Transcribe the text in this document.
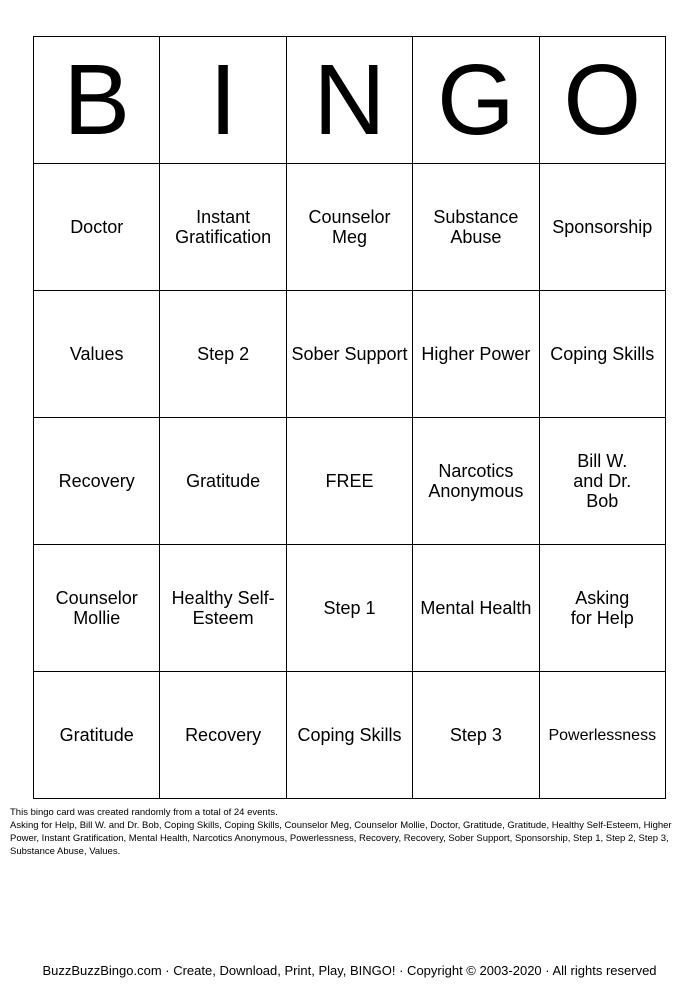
B	I	N	G	O
Doctor	Instant Gratification	Counselor Meg	Substance Abuse	Sponsorship
Values	Step 2	Sober Support	Higher Power	Coping Skills
Recovery	Gratitude	FREE	Narcotics Anonymous	Bill W. and Dr. Bob
Counselor Mollie	Healthy Self-Esteem	Step 1	Mental Health	Asking for Help
Gratitude	Recovery	Coping Skills	Step 3	Powerlessness

This bingo card was created randomly from a total of 24 events.

Asking for Help, Bill W. and Dr. Bob, Coping Skills, Coping Skills, Counselor Meg, Counselor Mollie, Doctor, Gratitude, Gratitude, Healthy Self-Esteem, Higher Power, Instant Gratification, Mental Health, Narcotics Anonymous, Powerlessness, Recovery, Recovery, Sober Support, Sponsorship, Step 1, Step 2, Step 3, Substance Abuse, Values.

BuzzBuzzBingo.com · Create, Download, Print, Play, BINGO! · Copyright © 2003-2020 · All rights reserved
